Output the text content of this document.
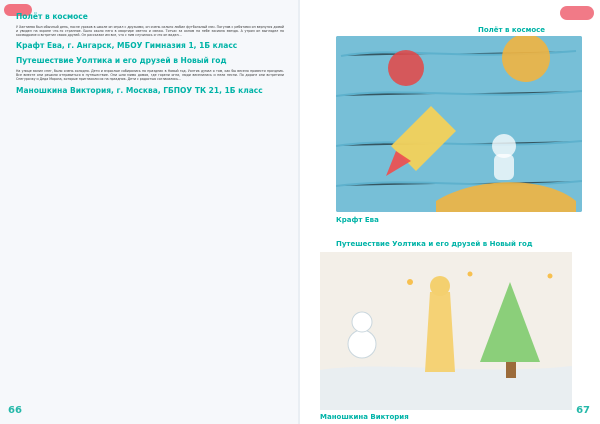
Полёт в космосе

У Халтиева был обычный день, после уроков в школе он играл с друзьями, он очень сильно любил футбольный мяч. Погуляв с ребятами он вернулся домой и увидел на экране что-то странное. Было около него в квартире светло и свежо. Тотчас за окном на небе засияла звезда. А утром он выглядел на космодроме и встретил своих друзей. Он рассказал им все, что с ним случилось и что он видел...

Крафт Ева, г. Ангарск, МБОУ Гимназия 1, 1Б класс
Путешествие Уолтика и его друзей в Новый год

На улице валил снег, было очень холодно. Дети и взрослые собирались на праздник в Новый год. Уолтик думал о том, как бы весело провести праздник. Все вместе они решили отправиться в путешествие. Они шли мимо домов, где горели огни, люди веселились и пели песни. По дороге они встретили Снегурочку и Деда Мороза, которые пригласили их на праздник. Дети с радостью согласились...

Маношкина Виктория, г. Москва, ГБПОУ ТК 21, 1Б класс
66
Полёт в космосе
Крафт Ева
Путешествие Уолтика и его друзей в Новый год
Маношкина Виктория
67
